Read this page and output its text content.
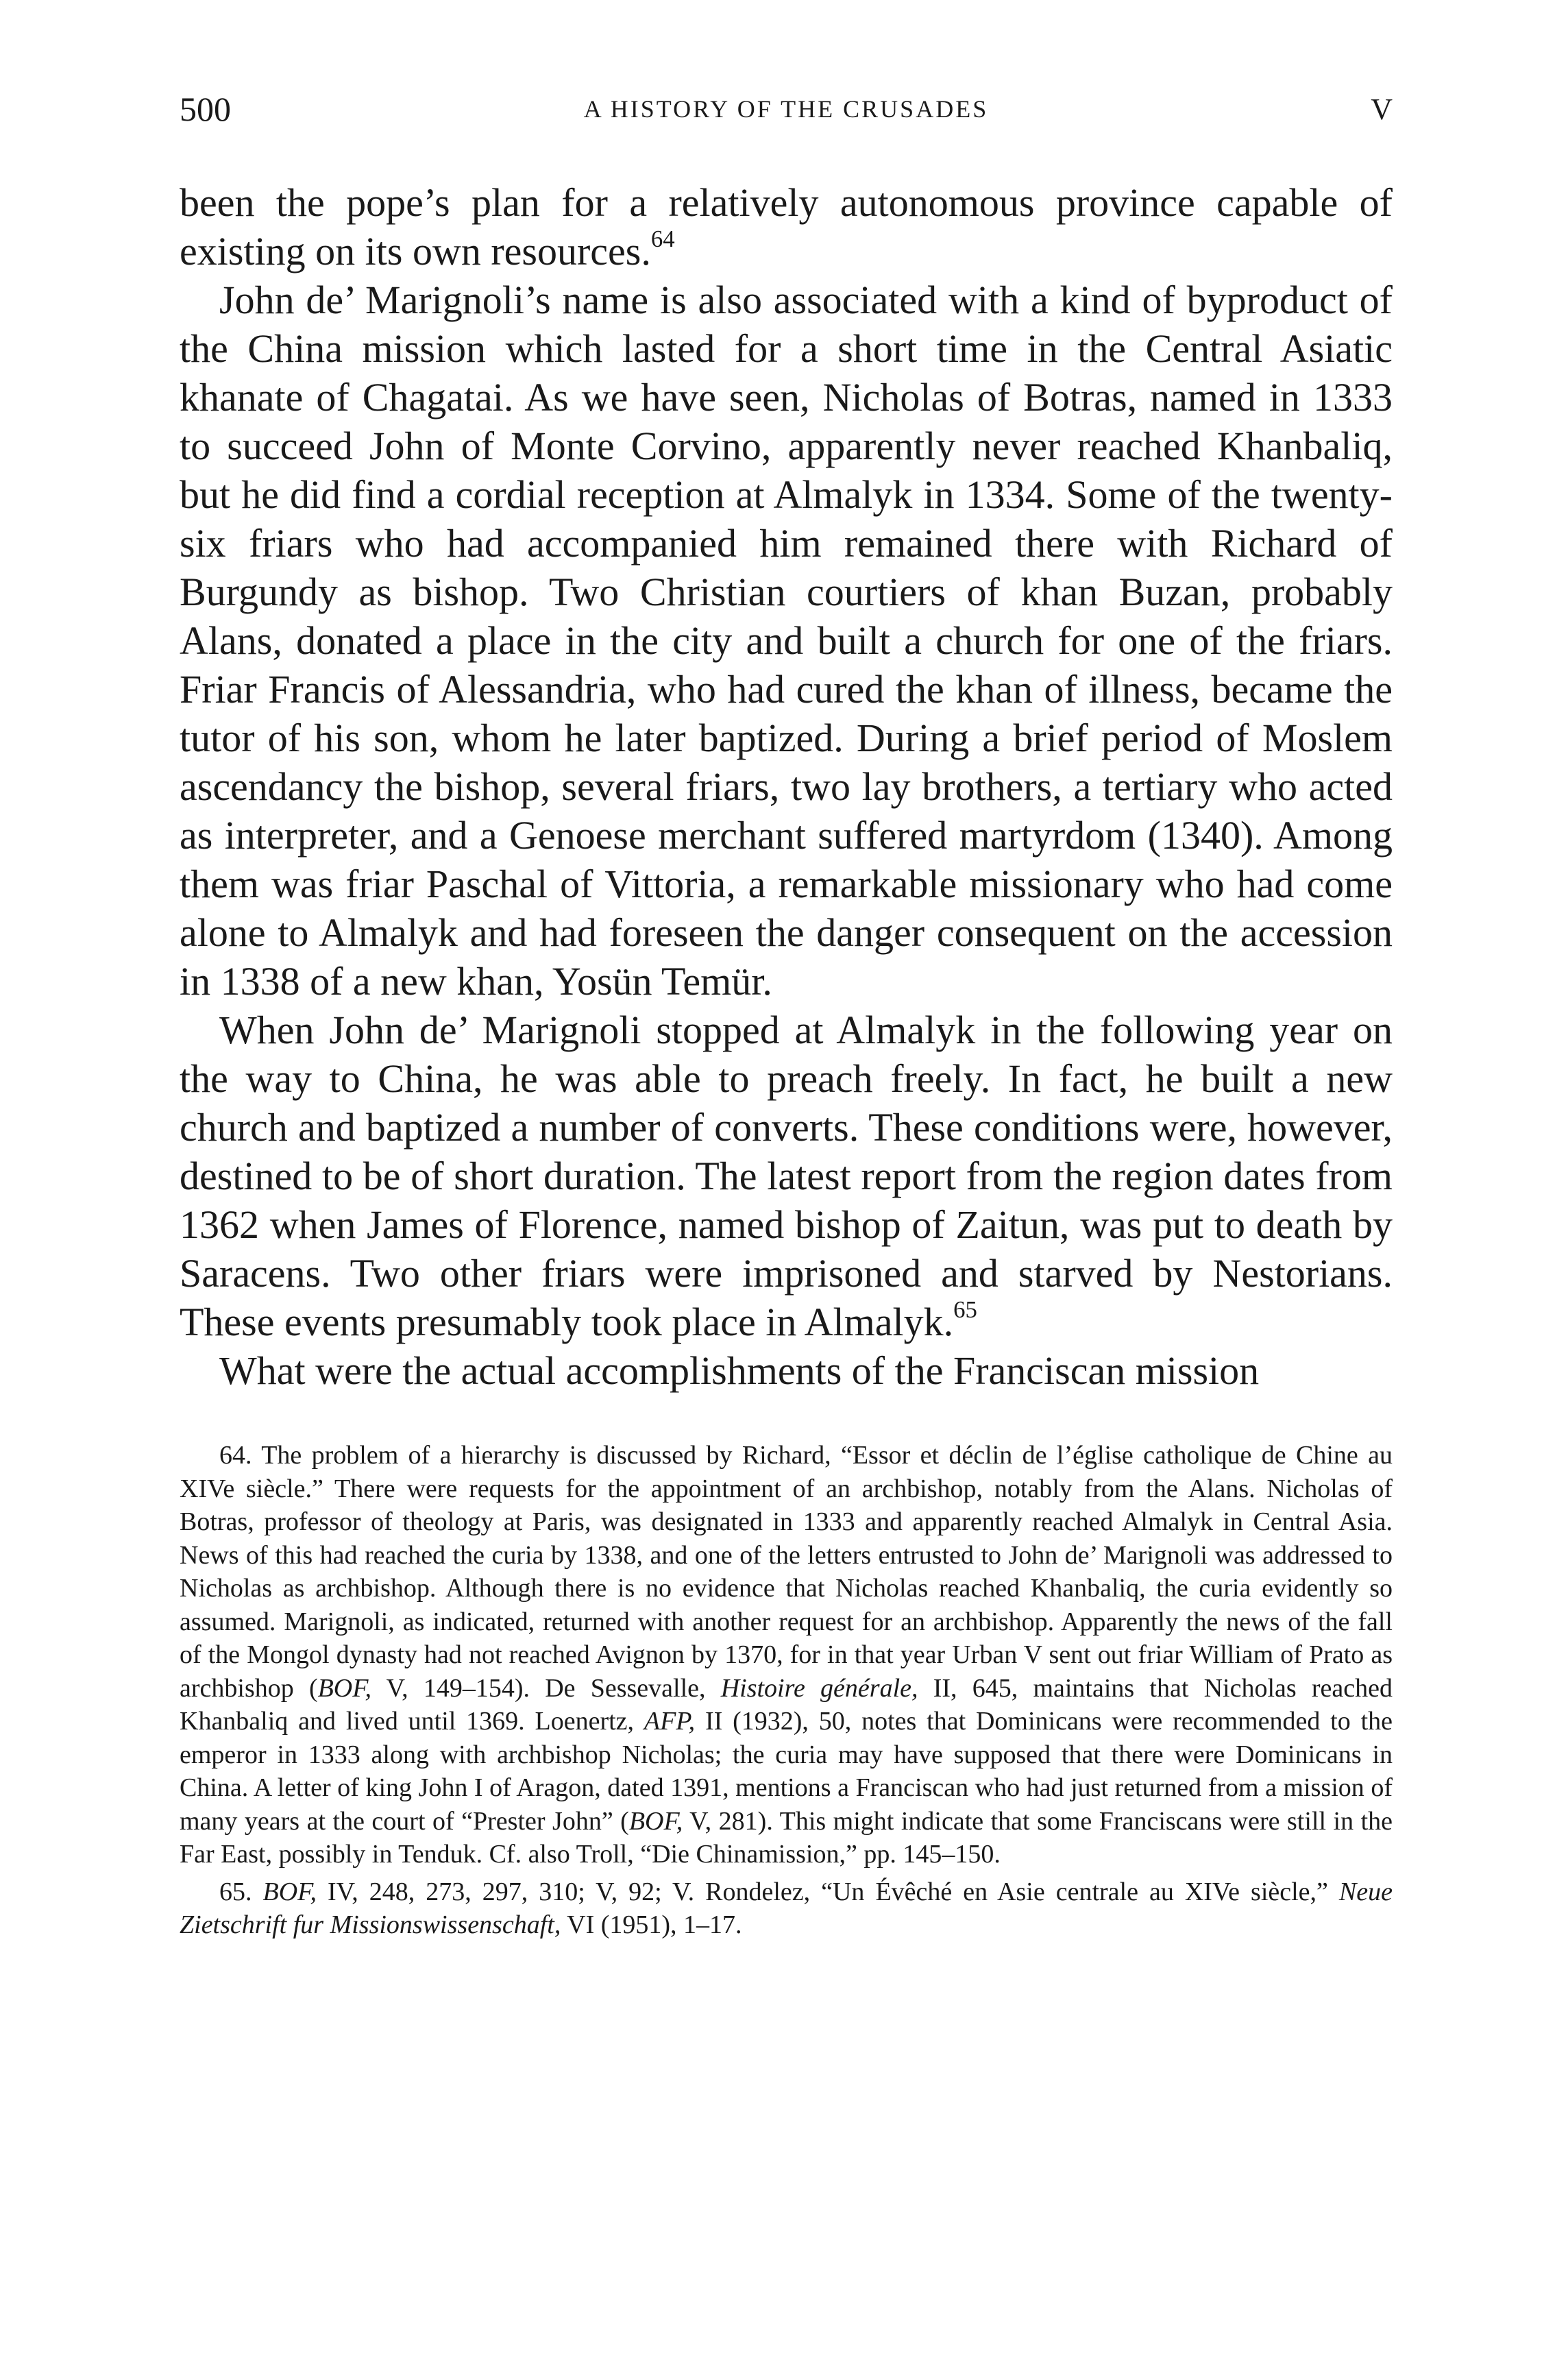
500	A HISTORY OF THE CRUSADES	V

been the pope’s plan for a relatively autonomous province capable of existing on its own resources.$^{64}$

John de’ Marignoli’s name is also associated with a kind of byproduct of the China mission which lasted for a short time in the Central Asiatic khanate of Chagatai. As we have seen, Nicholas of Botras, named in 1333 to succeed John of Monte Corvino, apparently never reached Khanbaliq, but he did find a cordial reception at Almalyk in 1334. Some of the twenty-six friars who had accompanied him remained there with Richard of Burgundy as bishop. Two Christian courtiers of khan Buzan, probably Alans, donated a place in the city and built a church for one of the friars. Friar Francis of Alessandria, who had cured the khan of illness, became the tutor of his son, whom he later baptized. During a brief period of Moslem ascendancy the bishop, several friars, two lay brothers, a tertiary who acted as interpreter, and a Genoese merchant suffered martyrdom (1340). Among them was friar Paschal of Vittoria, a remarkable missionary who had come alone to Almalyk and had foreseen the danger consequent on the accession in 1338 of a new khan, Yosün Temür.

When John de’ Marignoli stopped at Almalyk in the following year on the way to China, he was able to preach freely. In fact, he built a new church and baptized a number of converts. These conditions were, however, destined to be of short duration. The latest report from the region dates from 1362 when James of Florence, named bishop of Zaitun, was put to death by Saracens. Two other friars were imprisoned and starved by Nestorians. These events presumably took place in Almalyk.$^{65}$

What were the actual accomplishments of the Franciscan mission

64. The problem of a hierarchy is discussed by Richard, “Essor et déclin de l’église catholique de Chine au XIVe siècle.” There were requests for the appointment of an archbishop, notably from the Alans. Nicholas of Botras, professor of theology at Paris, was designated in 1333 and apparently reached Almalyk in Central Asia. News of this had reached the curia by 1338, and one of the letters entrusted to John de’ Marignoli was addressed to Nicholas as archbishop. Although there is no evidence that Nicholas reached Khanbaliq, the curia evidently so assumed. Marignoli, as indicated, returned with another request for an archbishop. Apparently the news of the fall of the Mongol dynasty had not reached Avignon by 1370, for in that year Urban V sent out friar William of Prato as archbishop (BOF, V, 149–154). De Sessevalle, Histoire générale, II, 645, maintains that Nicholas reached Khanbaliq and lived until 1369. Loenertz, AFP, II (1932), 50, notes that Dominicans were recommended to the emperor in 1333 along with archbishop Nicholas; the curia may have supposed that there were Dominicans in China. A letter of king John I of Aragon, dated 1391, mentions a Franciscan who had just returned from a mission of many years at the court of “Prester John” (BOF, V, 281). This might indicate that some Franciscans were still in the Far East, possibly in Tenduk. Cf. also Troll, “Die Chinamission,” pp. 145–150.

65. BOF, IV, 248, 273, 297, 310; V, 92; V. Rondelez, “Un Évêché en Asie centrale au XIVe siècle,” Neue Zietschrift fur Missionswissenschaft, VI (1951), 1–17.
